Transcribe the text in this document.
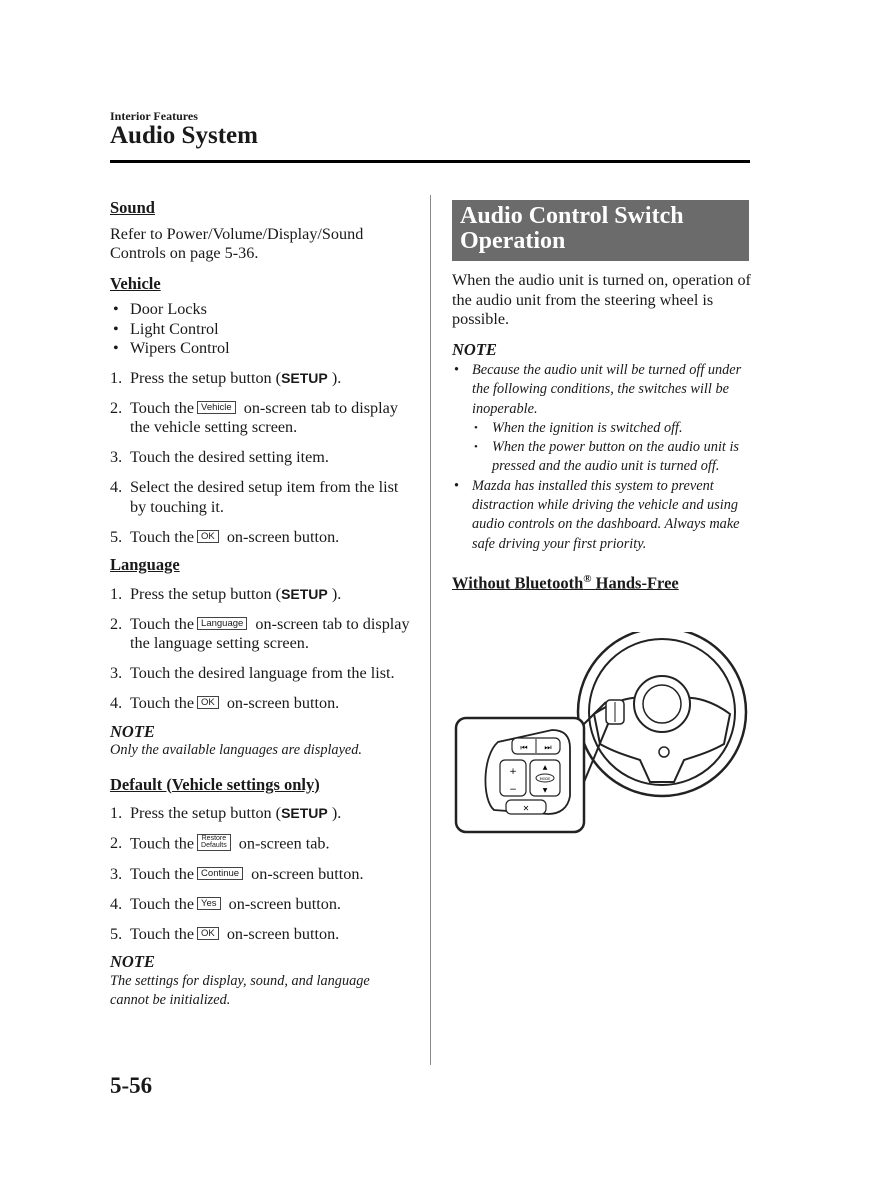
Interior Features
Audio System
Sound
Refer to Power/Volume/Display/Sound Controls on page 5-36.
Vehicle
• Door Locks
• Light Control
• Wipers Control
1. Press the setup button (SETUP ).
2. Touch the Vehicle on-screen tab to display the vehicle setting screen.
3. Touch the desired setting item.
4. Select the desired setup item from the list by touching it.
5. Touch the OK on-screen button.
Language
1. Press the setup button (SETUP ).
2. Touch the Language on-screen tab to display the language setting screen.
3. Touch the desired language from the list.
4. Touch the OK on-screen button.
NOTE
Only the available languages are displayed.
Default (Vehicle settings only)
1. Press the setup button (SETUP ).
2. Touch the Restore
Defaults on-screen tab.
3. Touch the Continue on-screen button.
4. Touch the Yes on-screen button.
5. Touch the OK on-screen button.
NOTE
The settings for display, sound, and language cannot be initialized.
Audio Control Switch
Operation
When the audio unit is turned on, operation of the audio unit from the steering wheel is possible.
NOTE
• Because the audio unit will be turned off under the following conditions, the switches will be inoperable.
• When the ignition is switched off.
• When the power button on the audio unit is pressed and the audio unit is turned off.
• Mazda has installed this system to prevent distraction while driving the vehicle and using audio controls on the dashboard. Always make safe driving your first priority.
Without Bluetooth® Hands-Free
⏮ ⏭
+
−
▲
MODE
▼
✕
5-56
